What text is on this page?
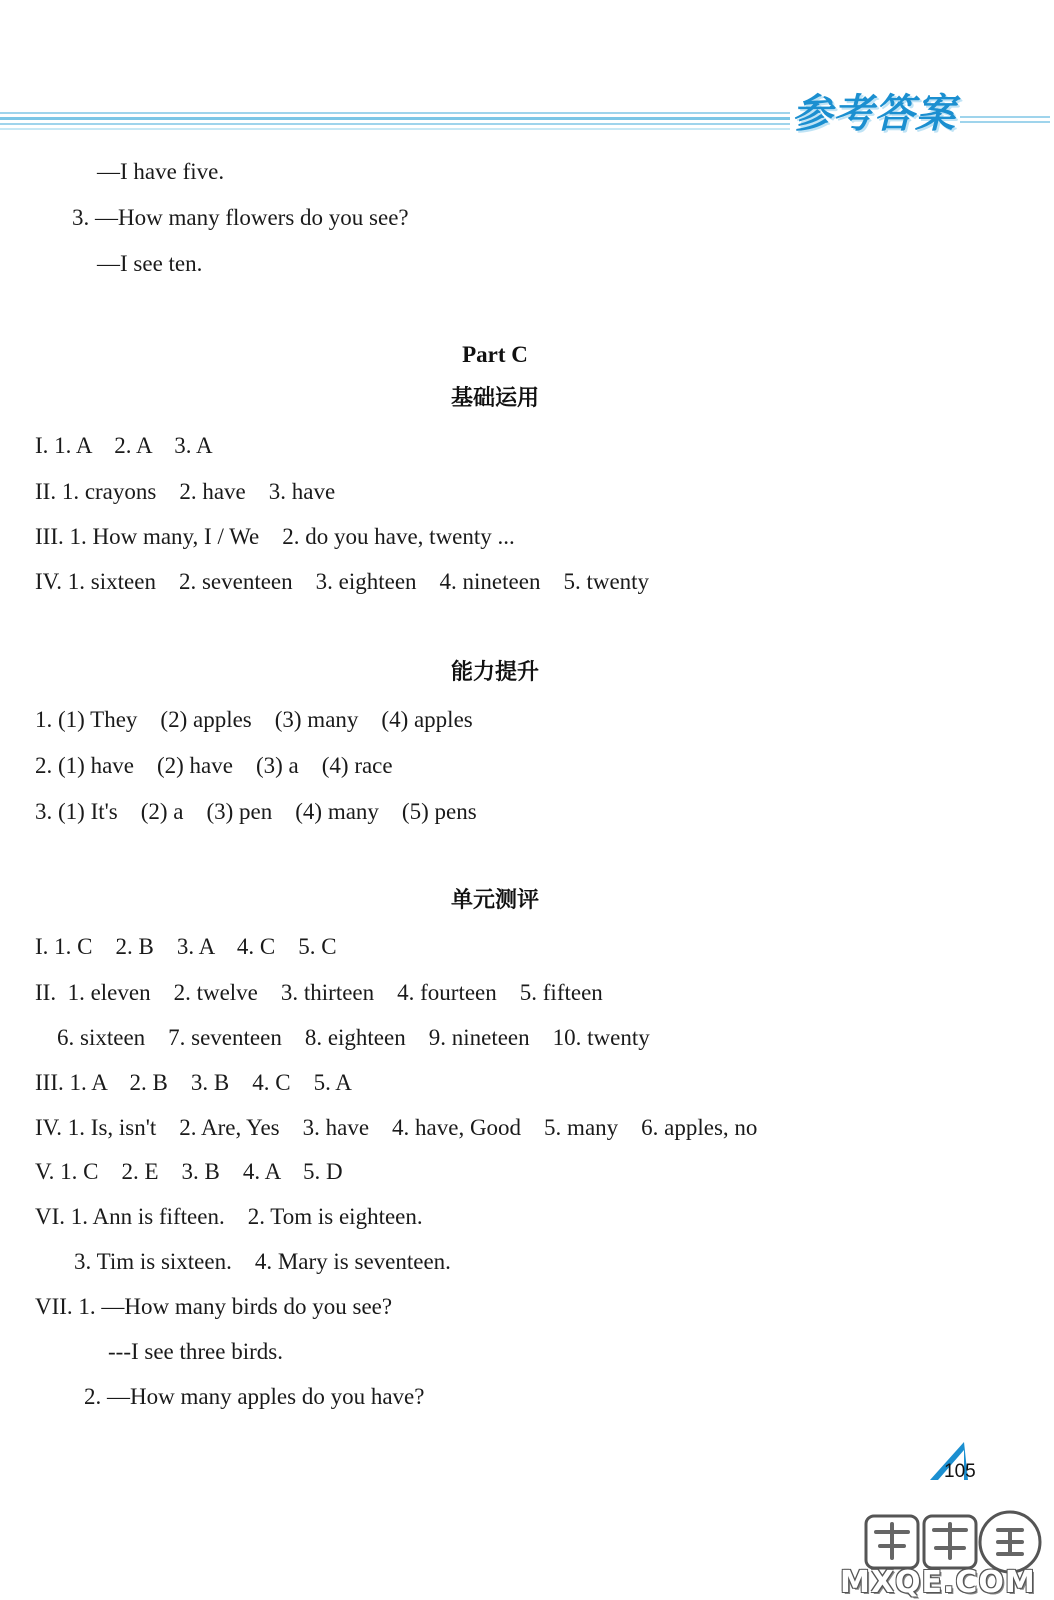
参考答案
—I have five.
3. —How many flowers do you see?
—I see ten.
Part C
基础运用
I. 1. A    2. A    3. A
II. 1. crayons    2. have    3. have
III. 1. How many, I / We    2. do you have, twenty ...
IV. 1. sixteen    2. seventeen    3. eighteen    4. nineteen    5. twenty
能力提升
1. (1) They    (2) apples    (3) many    (4) apples
2. (1) have    (2) have    (3) a    (4) race
3. (1) It's    (2) a    (3) pen    (4) many    (5) pens
单元测评
I. 1. C    2. B    3. A    4. C    5. C
II.  1. eleven    2. twelve    3. thirteen    4. fourteen    5. fifteen
6. sixteen    7. seventeen    8. eighteen    9. nineteen    10. twenty
III. 1. A    2. B    3. B    4. C    5. A
IV. 1. Is, isn't    2. Are, Yes    3. have    4. have, Good    5. many    6. apples, no
V. 1. C    2. E    3. B    4. A    5. D
VI. 1. Ann is fifteen.    2. Tom is eighteen.
3. Tim is sixteen.    4. Mary is seventeen.
VII. 1. —How many birds do you see?
---I see three birds.
2. —How many apples do you have?
105
MXQE.COM
